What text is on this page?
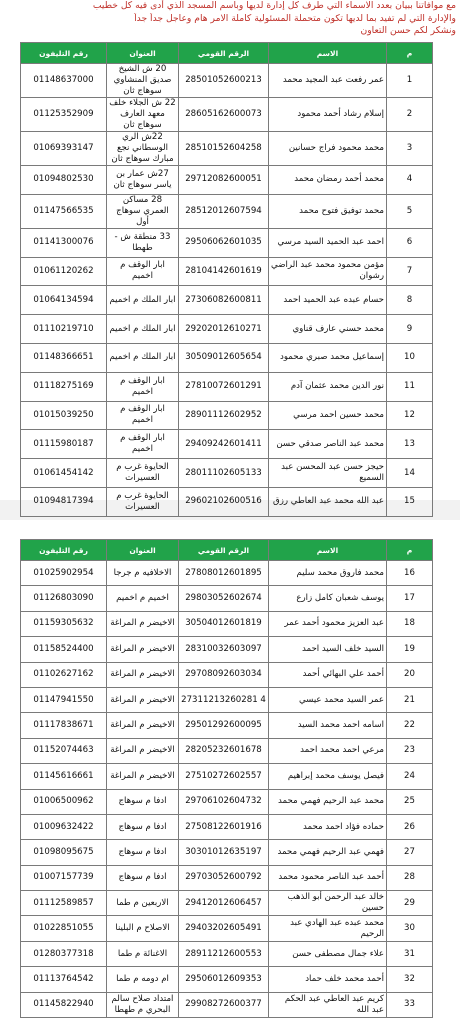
مع موافاتنا ببيان بعدد الاسماء التي طرف كل إدارة لديها وباسم المسجد الذي أدى فيه كل خطيب
والإدارة التي لم تفيد بما لديها تكون متحملة المسئولية كاملة الامر هام وعاجل جداً جداً
ونشكر لكم حسن التعاون
م	الاسم	الرقم القومي	العنوان	رقم التليفون
1	عمر رفعت عبد المجيد محمد	28501052600213	20 ش الشيخ صديق المنشاوي سوهاج ثان	01148637000
2	إسلام رشاد أحمد محمود	28605162600073	22 ش الجلاء خلف معهد العارف سوهاج ثان	01125352909
3	محمد محمود فراج حسانين	28510152604258	22ش الري الوسطاني نجع مبارك سوهاج ثان	01069393147
4	محمد أحمد رمضان محمد	29712082600051	27ش عمار بن ياسر سوهاج ثان	01094802530
5	محمد توفيق فتوح محمد	28512012607594	28 مساكن العمري سوهاج أول	01147566535
6	احمد عبد الحميد السيد مرسي	29506062601035	33 منطقة ش - طهطا	01141300076
7	مؤمن محمود محمد عبد الراضي رشوان	28104142601619	ابار الوقف م اخميم	01061120262
8	حسام عبده عبد الحميد احمد	27306082600811	ابار الملك م اخميم	01064134594
9	محمد حسني عارف قناوي	29202012610271	ابار الملك م اخميم	01110219710
10	إسماعيل محمد صبري محمود	30509012605654	ابار الملك م اخميم	01148366651
11	نور الدين محمد عثمان آدم	27810072601291	ابار الوقف م اخميم	01118275169
12	محمد حسين احمد مرسي	28901112602952	ابار الوقف م اخميم	01015039250
13	محمد عبد الناصر صدقي حسن	29409242601411	ابار الوقف م اخميم	01115980187
14	حيجز حسن عبد المحسن عبد السميع	28011102605133	الحايوة غرب م العسيرات	01061454142
15	عبد الله محمد عبد العاطي رزق	29602102600516	الحايوة غرب م العسيرات	01094817394
م	الاسم	الرقم القومي	العنوان	رقم التليفون
16	محمد فاروق محمد سليم	27808012601895	الاخلافيه م جرجا	01025902954
17	يوسف شعبان كامل زارع	29803052602674	اخميم م اخميم	01126803090
18	عبد العزيز محمود أحمد عمر	30504012601819	الاخيضر م المراغة	01159305632
19	السيد خلف السيد احمد	28310032603097	الاخيضر م المراغة	01158524400
20	أحمد علي البهائي أحمد	29708092603034	الاخيضر م المراغة	01102627162
21	عمر السيد محمد عيسي	27311213260281 4	الاخيضر م المراغة	01147941550
22	اسامه احمد محمد السيد	29501292600095	الاخيضر م المراغة	01117838671
23	مرعي احمد محمد احمد	28205232601678	الاخيضر م المراغة	01152074463
24	فيصل يوسف محمد إبراهيم	27510272602557	الاخيضر م المراغة	01145616661
25	محمد عبد الرحيم فهمي محمد	29706102604732	ادفا م سوهاج	01006500962
26	حماده فؤاد احمد محمد	27508122601916	ادفا م سوهاج	01009632422
27	فهمي عبد الرحيم فهمي محمد	30301012635197	ادفا م سوهاج	01098095675
28	أحمد عبد الناصر محمود محمد	29703052600792	ادفا م سوهاج	01007157739
29	خالد عبد الرحمن أبو الذهب حسين	29412012606457	الاربعين م طما	01112589857
30	محمد عبده عبد الهادي عبد الرحيم	29403202605491	الاصلاح م البلينا	01022851055
31	علاء جمال مصطفى حسن	28911212600553	الاغنائة م طما	01280377318
32	أحمد محمد خلف حماد	29506012609353	ام دومه م طما	01113764542
33	كريم عبد العاطي عبد الحكم عبد الله	29908272600377	امتداد صلاح سالم البحري م طهطا	01145822940
